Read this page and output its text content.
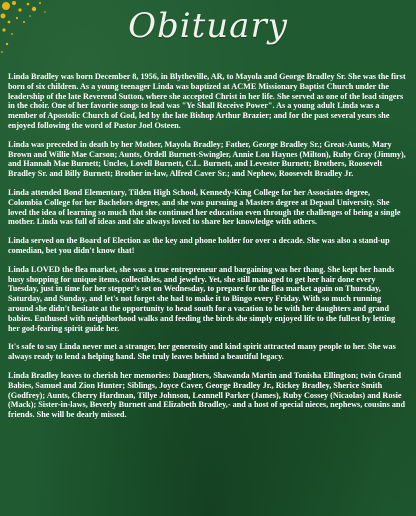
Obituary

Linda Bradley was born December 8, 1956, in Blytheville, AR, to Mayola and George Bradley Sr. She was the first born of six children. As a young teenager Linda was baptized at ACME Missionary Baptist Church under the leadership of the late Reverend Sutton, where she accepted Christ in her life. She served as one of the lead singers in the choir. One of her favorite songs to lead was "Ye Shall Receive Power". As a young adult Linda was a member of Apostolic Church of God, led by the late Bishop Arthur Brazier; and for the past several years she enjoyed following the word of Pastor Joel Osteen.

Linda was preceded in death by her Mother, Mayola Bradley; Father, George Bradley Sr.; Great-Aunts, Mary Brown and Willie Mae Carson; Aunts, Ordell Burnett-Swingler, Annie Lou Haynes (Milton), Ruby Gray (Jimmy), and Hannah Mae Burnett; Uncles, Lovell Burnett, C.L. Burnett, and Levester Burnett; Brothers, Roosevelt Bradley Sr. and Billy Burnett; Brother in-law, Alfred Caver Sr.; and Nephew, Roosevelt Bradley Jr.

Linda attended Bond Elementary, Tilden High School, Kennedy-King College for her Associates degree, Colombia College for her Bachelors degree, and she was pursuing a Masters degree at Depaul University. She loved the idea of learning so much that she continued her education even through the challenges of being a single mother. Linda was full of ideas and she always loved to share her knowledge with others.

Linda served on the Board of Election as the key and phone holder for over a decade. She was also a stand-up comedian, bet you didn't know that!

Linda LOVED the flea market, she was a true entrepreneur and bargaining was her thang. She kept her hands busy shopping for unique items, collectibles, and jewelry. Yet, she still managed to get her hair done every Tuesday, just in time for her stepper's set on Wednesday, to prepare for the flea market again on Thursday, Saturday, and Sunday, and let's not forget she had to make it to Bingo every Friday. With so much running around she didn't hesitate at the opportunity to head south for a vacation to be with her daughters and grand babies. Enthused with neighborhood walks and feeding the birds she simply enjoyed life to the fullest by letting her god-fearing spirit guide her.

It's safe to say Linda never met a stranger, her generosity and kind spirit attracted many people to her. She was always ready to lend a helping hand. She truly leaves behind a beautiful legacy.

Linda Bradley leaves to cherish her memories: Daughters, Shawanda Martin and Tonisha Ellington; twin Grand Babies, Samuel and Zion Hunter; Siblings, Joyce Caver, George Bradley Jr., Rickey Bradley, Sherice Smith (Godfrey); Aunts, Cherry Hardman, Tillye Johnson, Leannell Parker (James), Ruby Cossey (Nicaolas) and Rosie (Mack); Sister-in-laws, Beverly Burnett and Elizabeth Bradley,- and a host of special nieces, nephews, cousins and friends. She will be dearly missed.
